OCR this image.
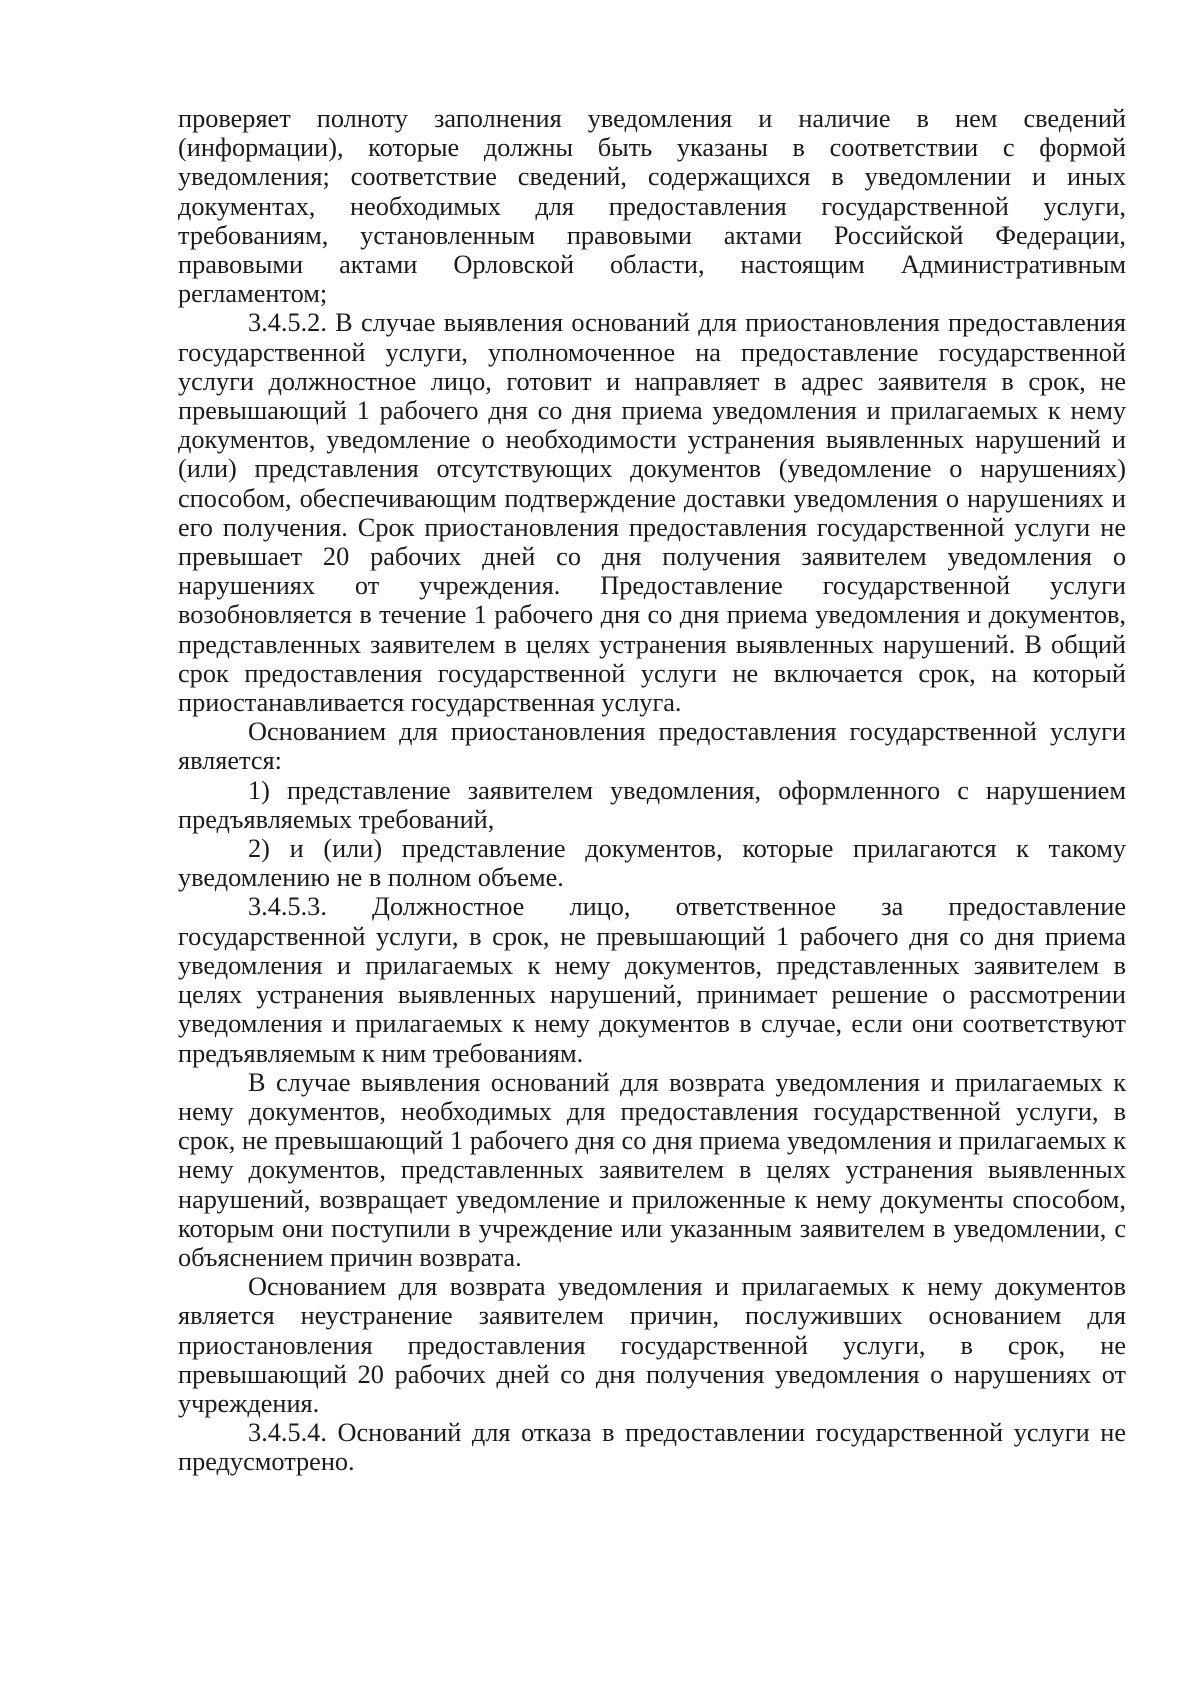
проверяет полноту заполнения уведомления и наличие в нем сведений (информации), которые должны быть указаны в соответствии с формой уведомления; соответствие сведений, содержащихся в уведомлении и иных документах, необходимых для предоставления государственной услуги, требованиям, установленным правовыми актами Российской Федерации, правовыми актами Орловской области, настоящим Административным регламентом;

3.4.5.2. В случае выявления оснований для приостановления предоставления государственной услуги, уполномоченное на предоставление государственной услуги должностное лицо, готовит и направляет в адрес заявителя в срок, не превышающий 1 рабочего дня со дня приема уведомления и прилагаемых к нему документов, уведомление о необходимости устранения выявленных нарушений и (или) представления отсутствующих документов (уведомление о нарушениях) способом, обеспечивающим подтверждение доставки уведомления о нарушениях и его получения. Срок приостановления предоставления государственной услуги не превышает 20 рабочих дней со дня получения заявителем уведомления о нарушениях от учреждения. Предоставление государственной услуги возобновляется в течение 1 рабочего дня со дня приема уведомления и документов, представленных заявителем в целях устранения выявленных нарушений. В общий срок предоставления государственной услуги не включается срок, на который приостанавливается государственная услуга.

Основанием для приостановления предоставления государственной услуги является:

1) представление заявителем уведомления, оформленного с нарушением предъявляемых требований,

2) и (или) представление документов, которые прилагаются к такому уведомлению не в полном объеме.

3.4.5.3. Должностное лицо, ответственное за предоставление государственной услуги, в срок, не превышающий 1 рабочего дня со дня приема уведомления и прилагаемых к нему документов, представленных заявителем в целях устранения выявленных нарушений, принимает решение о рассмотрении уведомления и прилагаемых к нему документов в случае, если они соответствуют предъявляемым к ним требованиям.

В случае выявления оснований для возврата уведомления и прилагаемых к нему документов, необходимых для предоставления государственной услуги, в срок, не превышающий 1 рабочего дня со дня приема уведомления и прилагаемых к нему документов, представленных заявителем в целях устранения выявленных нарушений, возвращает уведомление и приложенные к нему документы способом, которым они поступили в учреждение или указанным заявителем в уведомлении, с объяснением причин возврата.

Основанием для возврата уведомления и прилагаемых к нему документов является неустранение заявителем причин, послуживших основанием для приостановления предоставления государственной услуги, в срок, не превышающий 20 рабочих дней со дня получения уведомления о нарушениях от учреждения.

3.4.5.4. Оснований для отказа в предоставлении государственной услуги не предусмотрено.
